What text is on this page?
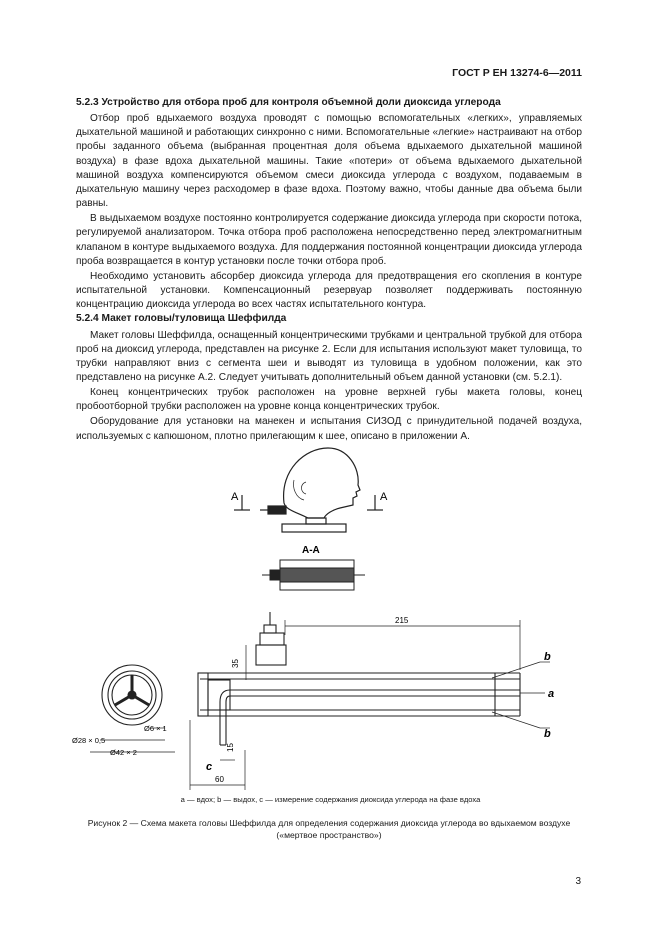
ГОСТ Р ЕН 13274-6—2011
5.2.3 Устройство для отбора проб для контроля объемной доли диоксида углерода

Отбор проб вдыхаемого воздуха проводят с помощью вспомогательных «легких», управляемых дыхательной машиной и работающих синхронно с ними. Вспомогательные «легкие» настраивают на отбор пробы заданного объема (выбранная процентная доля объема вдыхаемого дыхательной машиной воздуха) в фазе вдоха дыхательной машины. Такие «потери» от объема вдыхаемого дыхательной машиной воздуха компенсируются объемом смеси диоксида углерода с воздухом, подаваемым в дыхательную машину через расходомер в фазе вдоха. Поэтому важно, чтобы данные два объема были равны.

В выдыхаемом воздухе постоянно контролируется содержание диоксида углерода при скорости потока, регулируемой анализатором. Точка отбора проб расположена непосредственно перед электромагнитным клапаном в контуре выдыхаемого воздуха. Для поддержания постоянной концентрации диоксида углерода проба возвращается в контур установки после точки отбора проб.

Необходимо установить абсорбер диоксида углерода для предотвращения его скопления в контуре испытательной установки. Компенсационный резервуар позволяет поддерживать постоянную концентрацию диоксида углерода во всех частях испытательного контура.

5.2.4 Макет головы/туловища Шеффилда

Макет головы Шеффилда, оснащенный концентрическими трубками и центральной трубкой для отбора проб на диоксид углерода, представлен на рисунке 2. Если для испытания используют макет туловища, то трубки направляют вниз с сегмента шеи и выводят из туловища в удобном положении, как это представлено на рисунке А.2. Следует учитывать дополнительный объем данной установки (см. 5.2.1).

Конец концентрических трубок расположен на уровне верхней губы макета головы, конец пробоотборной трубки расположен на уровне конца концентрических трубок.

Оборудование для установки на манекен и испытания СИЗОД с принудительной подачей воздуха, используемых с капюшоном, плотно прилегающим к шее, описано в приложении А.

А	А
А-А
215
35
15
60
Ø6 × 1
Ø28 × 0,5
Ø42 × 2
b
a
b
c
а — вдох; b — выдох, с — измерение содержания диоксида углерода на фазе вдоха
Рисунок 2 — Схема макета головы Шеффилда для определения содержания диоксида углерода во вдыхаемом воздухе («мертвое пространство»)
3
